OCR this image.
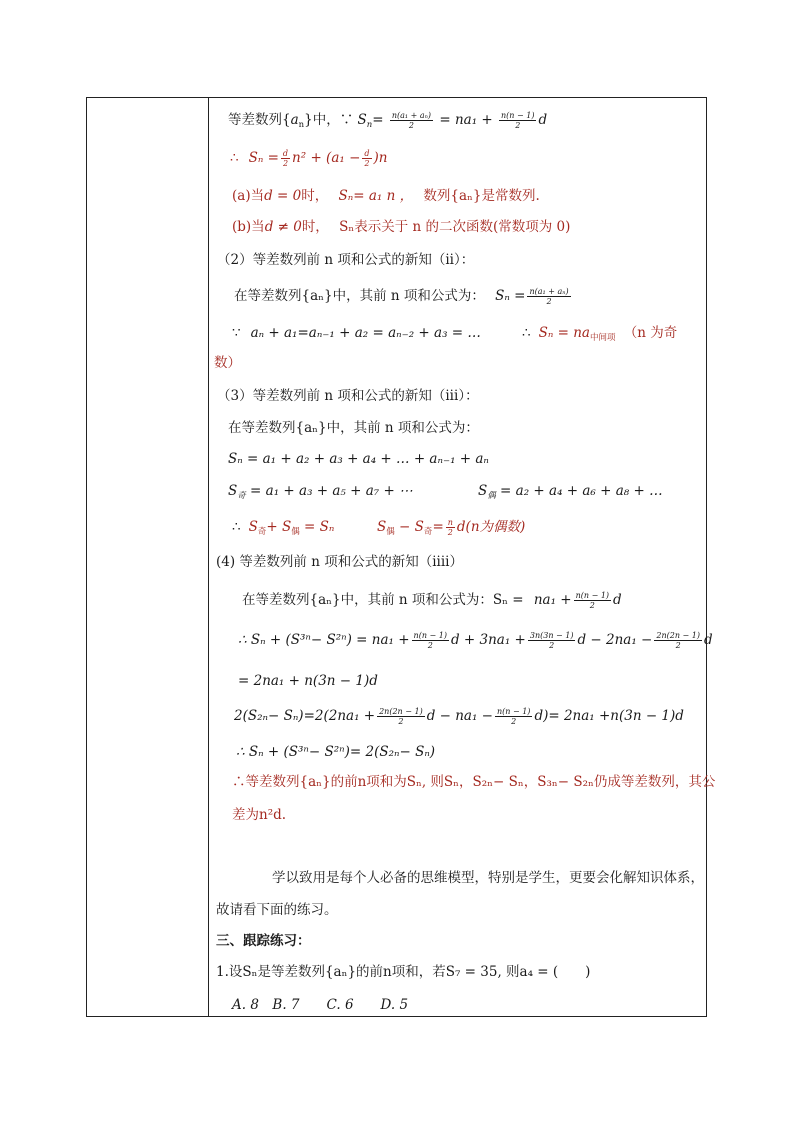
等差数列$\{a_n\}$中，∵ $S_n= \frac{\text{n(a₁ + aₙ)}}{2} = na_1 + \frac{n(n - 1)}{2}$ d
∴ $S_n = \frac{d}{2} n^2 + (a_1 - \frac{d}{2} )n$
(a)当d = 0时， Sₙ= a₁ n ， 数列{aₙ}是常数列.
(b)当d ≠ 0时， Sₙ表示关于 n 的二次函数(常数项为 0)
（2）等差数列前 n 项和公式的新知（ii）：
在等差数列{aₙ}中，其前 n 项和公式为： $S_n = \frac{\text{n(a₁ + aₙ)}}{2}$
∵ aₙ + a₁=aₙ₋₁ + a₂ = aₙ₋₂ + a₃ = …	∴ $S_n = na_{中间项}$ （n 为奇
数）
（3）等差数列前 n 项和公式的新知（iii）：
在等差数列{aₙ}中，其前 n 项和公式为：
Sₙ = a₁ + a₂ + a₃ + a₄ + … + aₙ₋₁ + aₙ
$S_奇 = a_1 + a_3 + a_5 + a_7$ + ⋯	$S_偶 = a_2 + a_4 + a_6 + a_8$ + …
∴ $S_奇+ S_偶 = S_n$	$S_偶 - S_奇= \frac{n}{2} d(n$为偶数)
(4) 等差数列前 n 项和公式的新知（iiii）
在等差数列{aₙ}中，其前 n 项和公式为：$S_n = na_1 + \frac{n(n - 1)}{2}$ d
∴ $S_n + (S^{3n}- S^{2n}) = na_1 + \frac{n(n - 1)}{2}$ $d + 3na_1 + \frac{3n(3n - 1)}{2}$ $d - 2na_1 - \frac{2n(2n - 1)}{2}$ d
= 2na₁ + n(3n − 1)d
$2(S_{2n}- S_n)=2(2na_1 + \frac{2n(2n - 1)}{2}$ $d - na_1 - \frac{n(n - 1)}{2} d)= 2na_1 +n(3n - 1)d$
∴ Sₙ + (S³ⁿ− S²ⁿ)= 2(S₂ₙ− Sₙ)
∴等差数列{aₙ}的前n项和为Sₙ, 则Sₙ，S₂ₙ− Sₙ，S₃ₙ− S₂ₙ仍成等差数列，其公
差为n²d.
学以致用是每个人必备的思维模型，特别是学生，更要会化解知识体系，
故请看下面的练习。
三、跟踪练习：
1.设Sₙ是等差数列{aₙ}的前n项和，若S₇ = 35, 则a₄ = (　　)
A. 8　B. 7　　C. 6　　D. 5
